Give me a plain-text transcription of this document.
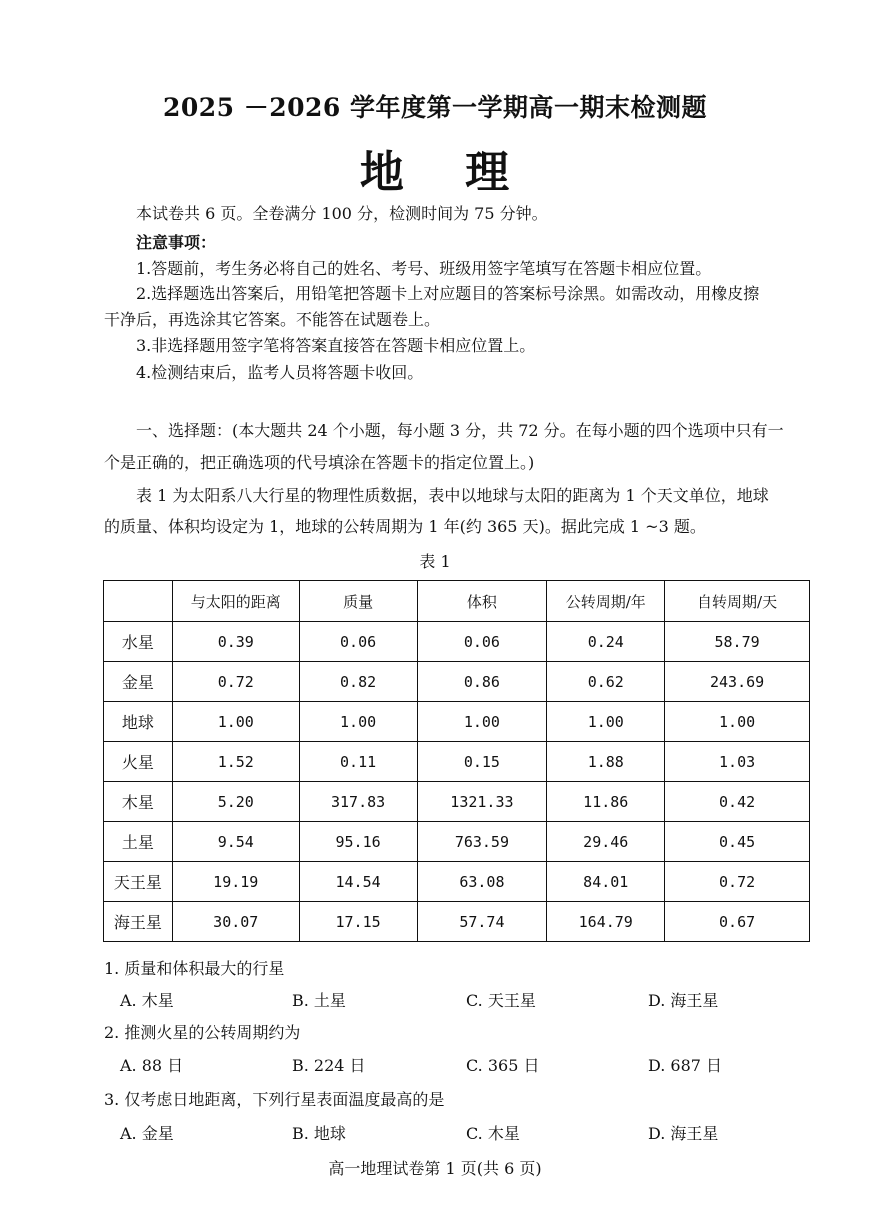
2025 －2026 学年度第一学期高一期末检测题
地 理
本试卷共 6 页。全卷满分 100 分，检测时间为 75 分钟。
注意事项：
1.答题前，考生务必将自己的姓名、考号、班级用签字笔填写在答题卡相应位置。
2.选择题选出答案后，用铅笔把答题卡上对应题目的答案标号涂黑。如需改动，用橡皮擦
干净后，再选涂其它答案。不能答在试题卷上。
3.非选择题用签字笔将答案直接答在答题卡相应位置上。
4.检测结束后，监考人员将答题卡收回。
一、选择题：(本大题共 24 个小题，每小题 3 分，共 72 分。在每小题的四个选项中只有一
个是正确的，把正确选项的代号填涂在答题卡的指定位置上。)
表 1 为太阳系八大行星的物理性质数据，表中以地球与太阳的距离为 1 个天文单位，地球
的质量、体积均设定为 1，地球的公转周期为 1 年(约 365 天)。据此完成 1 ~3 题。
表 1
	与太阳的距离	质量	体积	公转周期/年	自转周期/天
水星	0.39	0.06	0.06	0.24	58.79
金星	0.72	0.82	0.86	0.62	243.69
地球	1.00	1.00	1.00	1.00	1.00
火星	1.52	0.11	0.15	1.88	1.03
木星	5.20	317.83	1321.33	11.86	0.42
土星	9.54	95.16	763.59	29.46	0.45
天王星	19.19	14.54	63.08	84.01	0.72
海王星	30.07	17.15	57.74	164.79	0.67
1. 质量和体积最大的行星
A. 木星	B. 土星	C. 天王星	D. 海王星
2. 推测火星的公转周期约为
A. 88 日	B. 224 日	C. 365 日	D. 687 日
3. 仅考虑日地距离，下列行星表面温度最高的是
A. 金星	B. 地球	C. 木星	D. 海王星
高一地理试卷第 1 页(共 6 页)
